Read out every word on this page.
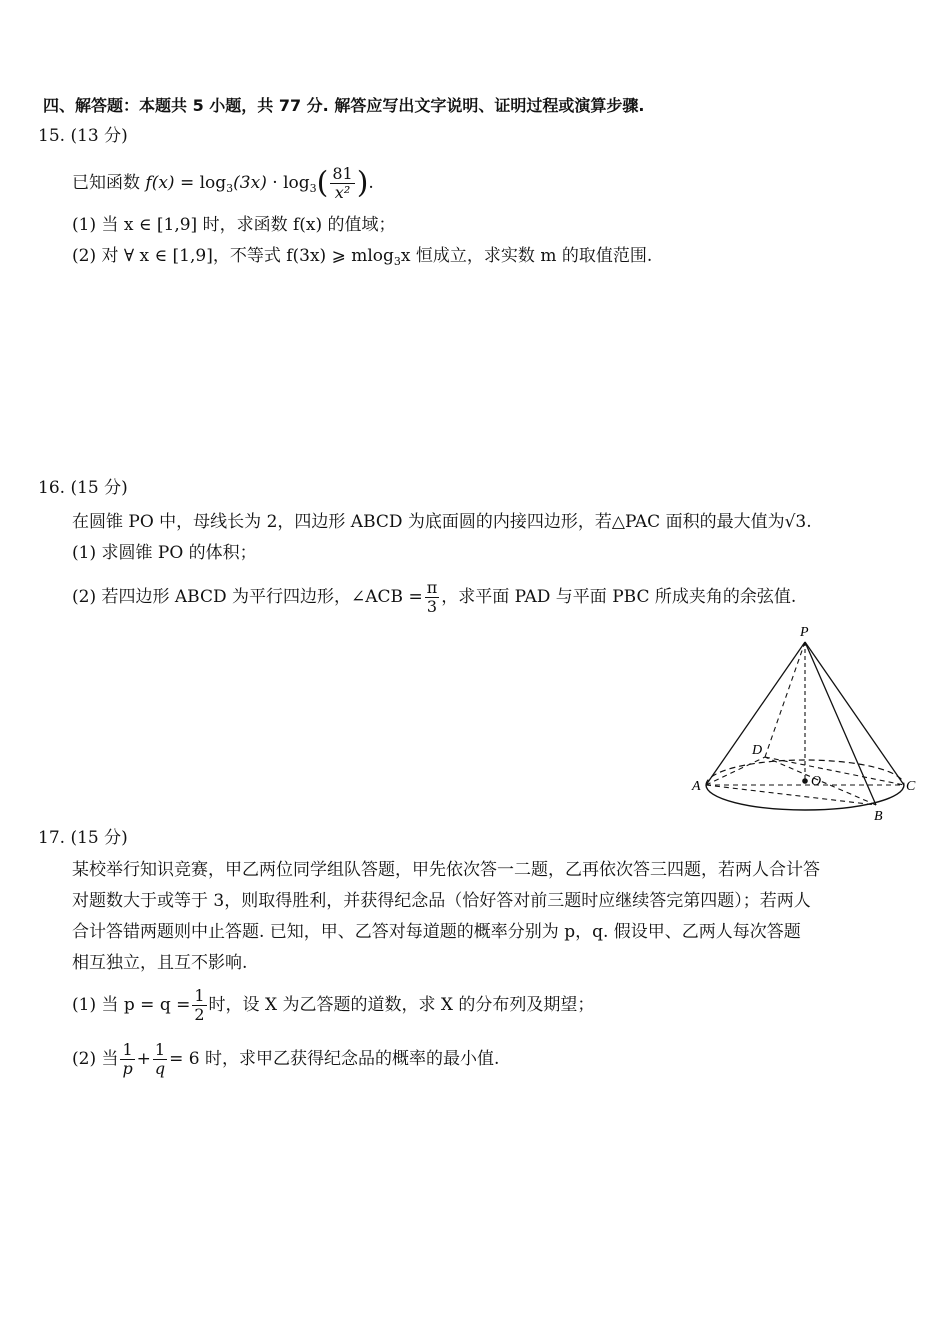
四、解答题：本题共 5 小题，共 77 分. 解答应写出文字说明、证明过程或演算步骤.
15. (13 分)
已知函数 $f(x) = \log_3(3x) \cdot \log_3( \frac{81}{\text{x²}}$ ).
(1) 当 x ∈ [1,9] 时，求函数 f(x) 的值域；
(2) 对 ∀ x ∈ [1,9]，不等式 f(3x) ⩾ mlog$_3$x 恒成立，求实数 m 的取值范围.
16. (15 分)
在圆锥 PO 中，母线长为 2，四边形 ABCD 为底面圆的内接四边形，若△PAC 面积的最大值为√3.
(1) 求圆锥 PO 的体积；
(2) 若四边形 ABCD 为平行四边形，∠ACB = $\frac{\pi}{3}$ ，求平面 PAD 与平面 PBC 所成夹角的余弦值.
P
D
A	O	C
B
17. (15 分)
某校举行知识竞赛，甲乙两位同学组队答题，甲先依次答一二题，乙再依次答三四题，若两人合计答
对题数大于或等于 3，则取得胜利，并获得纪念品（恰好答对前三题时应继续答完第四题）；若两人
合计答错两题则中止答题. 已知，甲、乙答对每道题的概率分别为 p，q. 假设甲、乙两人每次答题
相互独立，且互不影响.
(1) 当 $p = q = \frac{1}{2}$ 时，设 X 为乙答题的道数，求 X 的分布列及期望；
(2) 当 $\frac{1}{p} + \frac{1}{q} = 6$ 时，求甲乙获得纪念品的概率的最小值.
